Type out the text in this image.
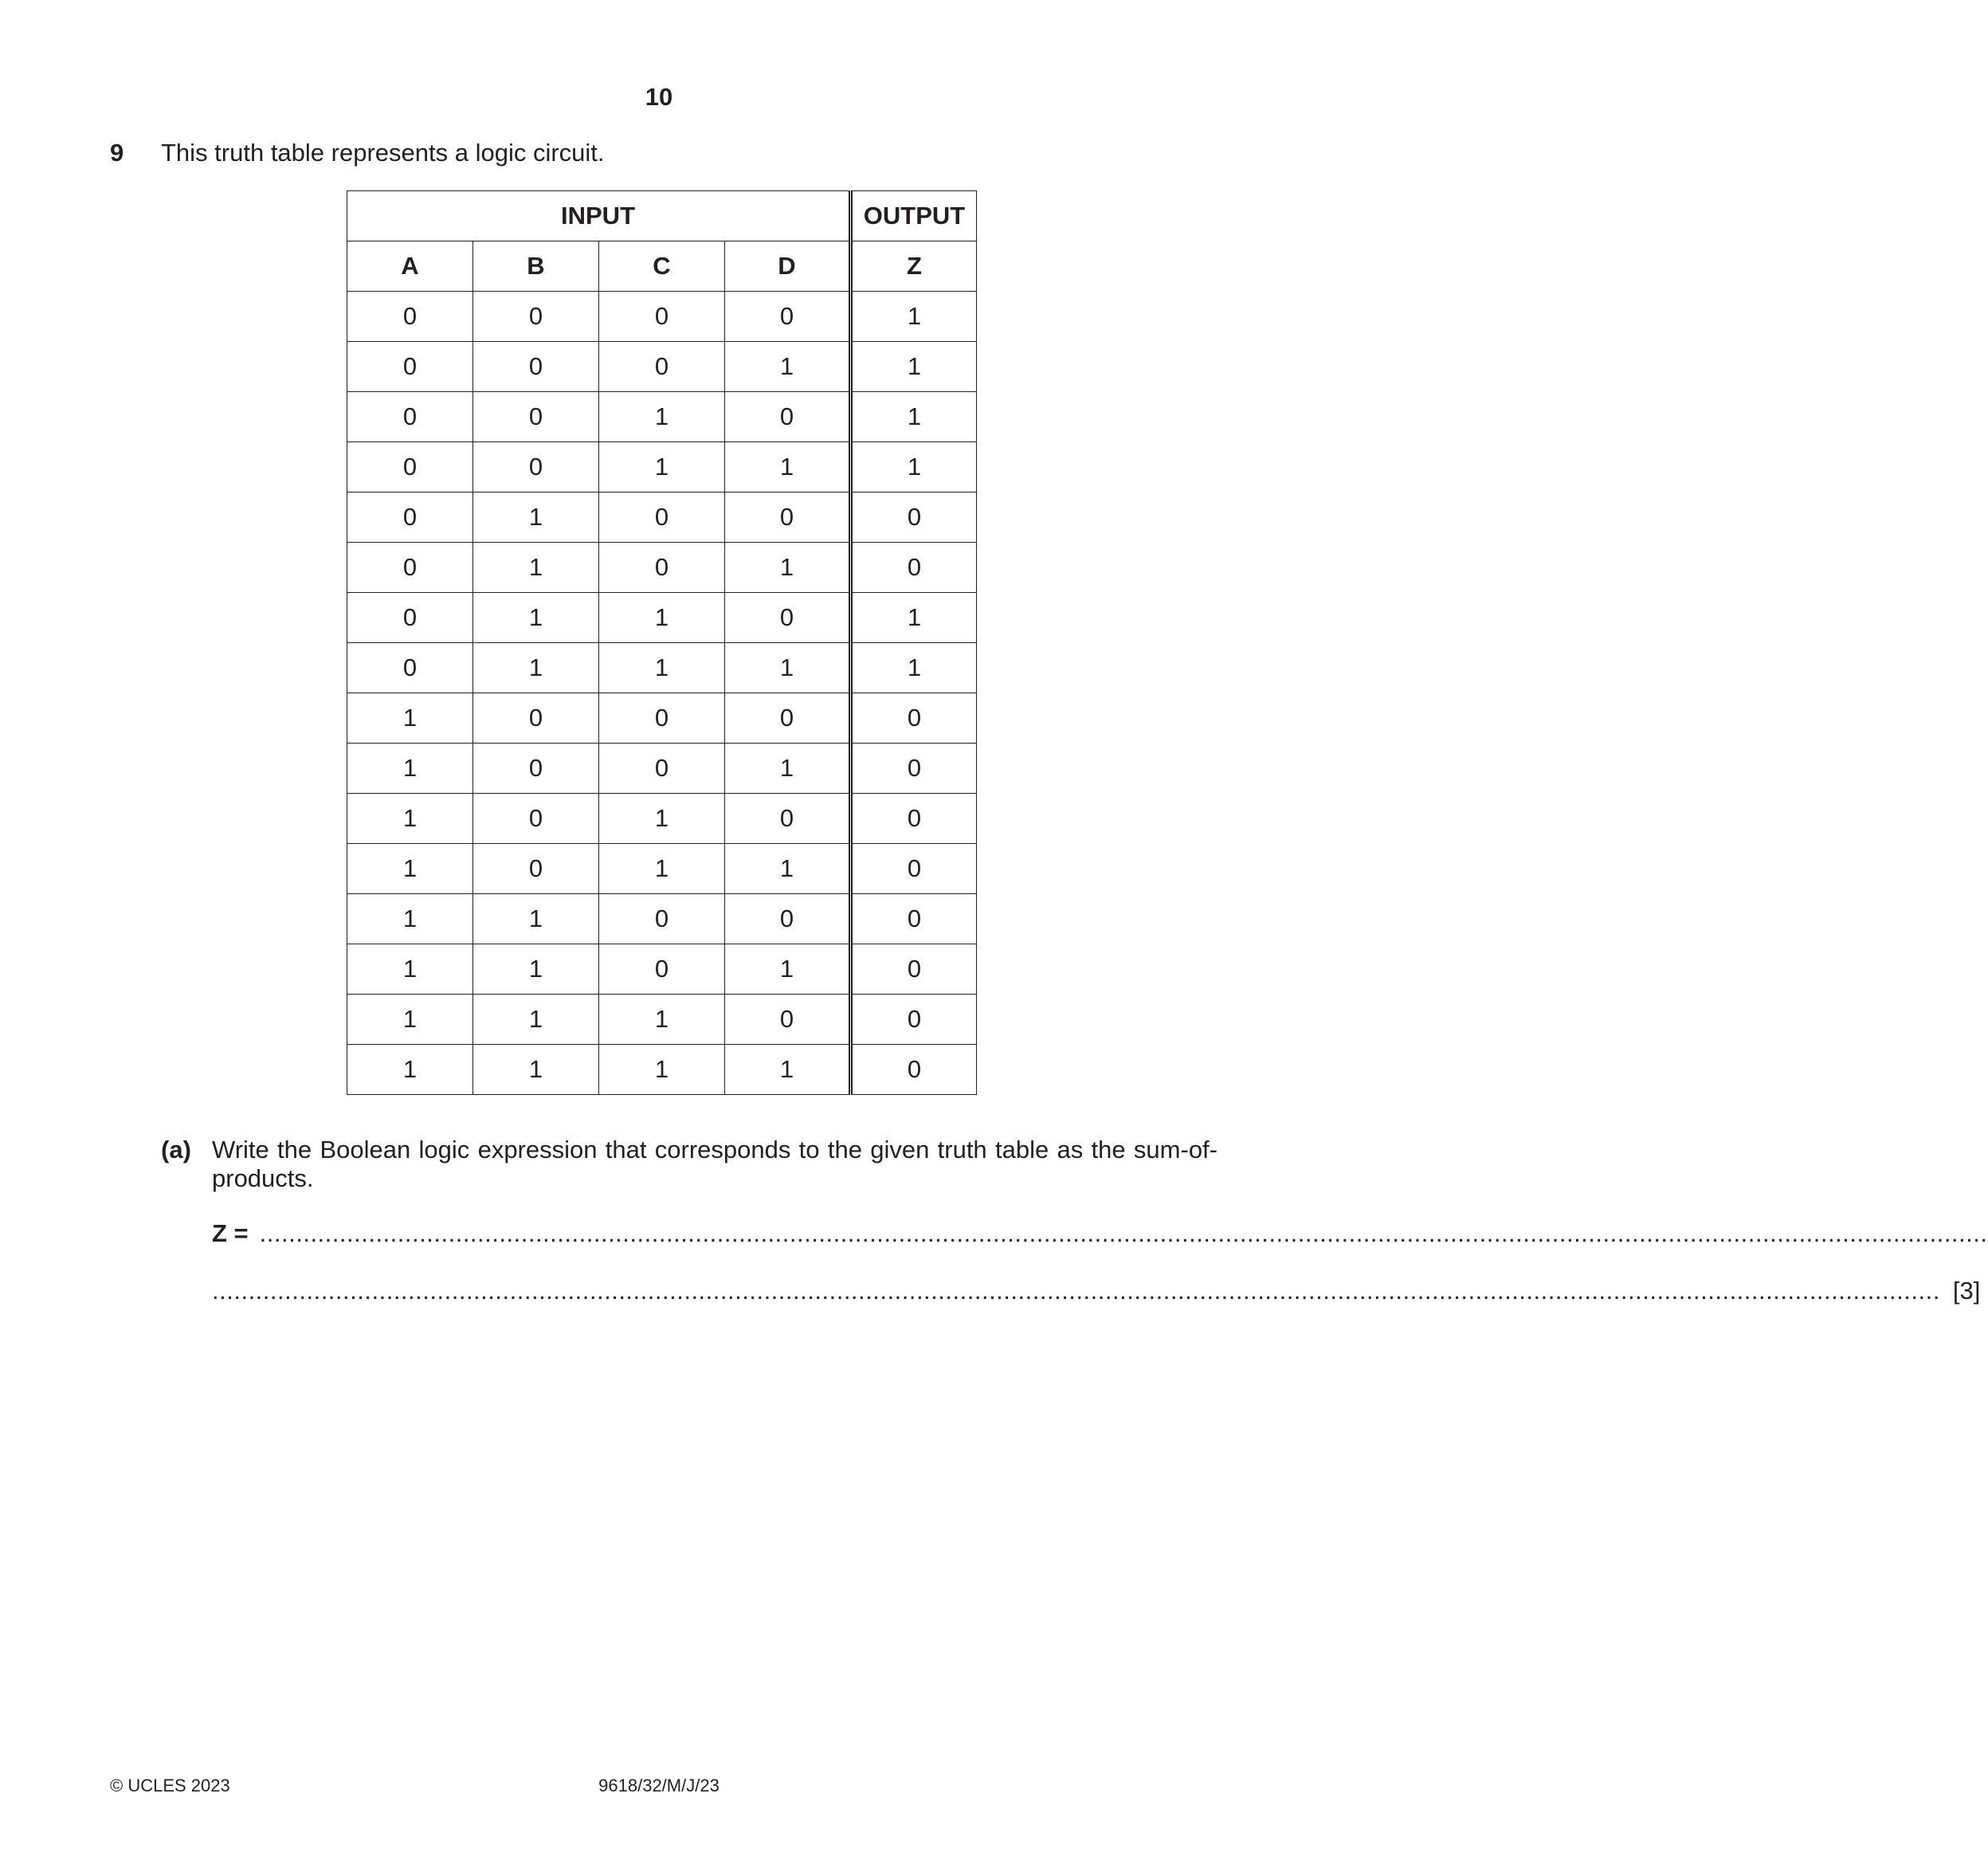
10
9 This truth table represents a logic circuit.
INPUT				OUTPUT
A	B	C	D	Z
0	0	0	0	1
0	0	0	1	1
0	0	1	0	1
0	0	1	1	1
0	1	0	0	0
0	1	0	1	0
0	1	1	0	1
0	1	1	1	1
1	0	0	0	0
1	0	0	1	0
1	0	1	0	0
1	0	1	1	0
1	1	0	0	0
1	1	0	1	0
1	1	1	0	0
1	1	1	1	0
(a) Write the Boolean logic expression that corresponds to the given truth table as the sum-of-products.
Z = ..............................................................................................................................................................................................................................................
.............................................................................................................................................................................................................................................. [3]
© UCLES 2023	9618/32/M/J/23
